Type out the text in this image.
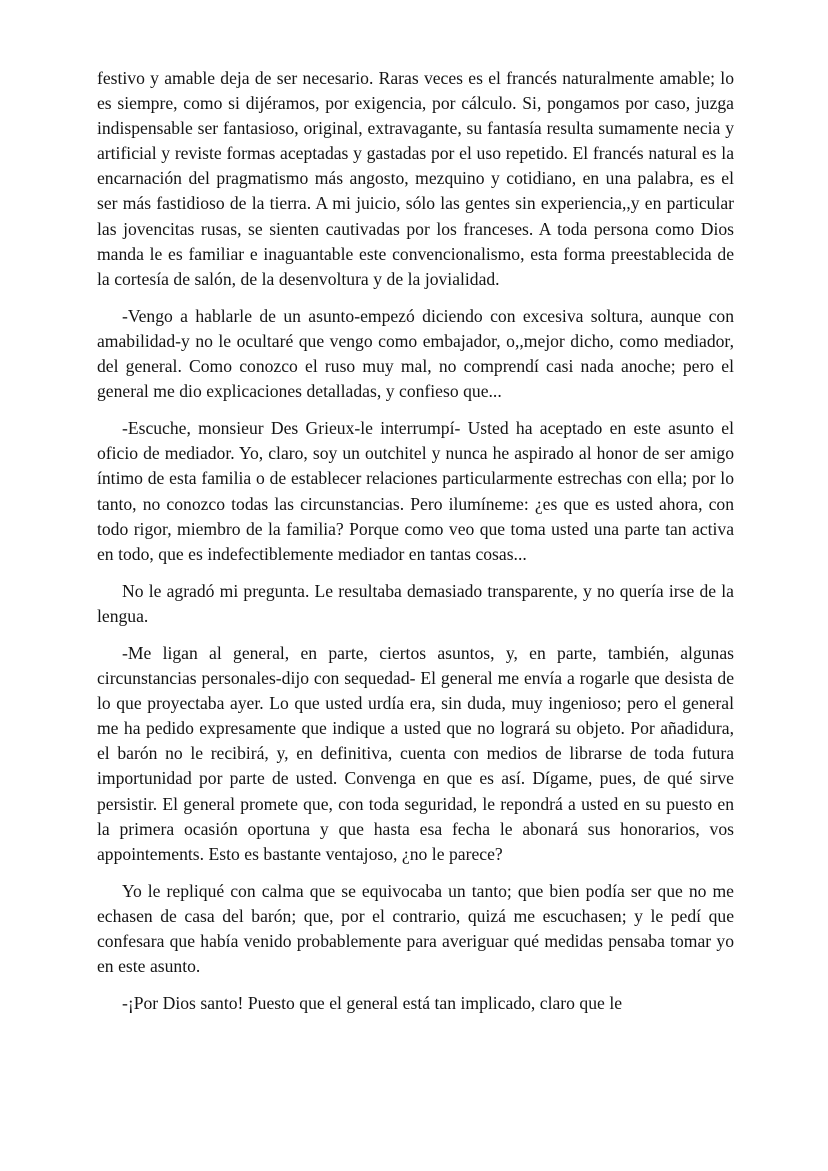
festivo y amable deja de ser necesario. Raras veces es el francés naturalmente amable; lo es siempre, como si dijéramos, por exigencia, por cálculo. Si, pongamos por caso, juzga indispensable ser fantasioso, original, extravagante, su fantasía resulta sumamente necia y artificial y reviste formas aceptadas y gastadas por el uso repetido. El francés natural es la encarnación del pragmatismo más angosto, mezquino y cotidiano, en una palabra, es el ser más fastidioso de la tierra. A mi juicio, sólo las gentes sin experiencia,,y en particular las jovencitas rusas, se sienten cautivadas por los franceses. A toda persona como Dios manda le es familiar e inaguantable este convencionalismo, esta forma preestablecida de la cortesía de salón, de la desenvoltura y de la jovialidad.

-Vengo a hablarle de un asunto-empezó diciendo con excesiva soltura, aunque con amabilidad-y no le ocultaré que vengo como embajador, o,,mejor dicho, como mediador, del general. Como conozco el ruso muy mal, no comprendí casi nada anoche; pero el general me dio explicaciones detalladas, y confieso que...

-Escuche, monsieur Des Grieux-le interrumpí- Usted ha aceptado en este asunto el oficio de mediador. Yo, claro, soy un outchitel y nunca he aspirado al honor de ser amigo íntimo de esta familia o de establecer relaciones particularmente estrechas con ella; por lo tanto, no conozco todas las circunstancias. Pero ilumíneme: ¿es que es usted ahora, con todo rigor, miembro de la familia? Porque como veo que toma usted una parte tan activa en todo, que es indefectiblemente mediador en tantas cosas...

No le agradó mi pregunta. Le resultaba demasiado transparente, y no quería irse de la lengua.

-Me ligan al general, en parte, ciertos asuntos, y, en parte, también, algunas circunstancias personales-dijo con sequedad- El general me envía a rogarle que desista de lo que proyectaba ayer. Lo que usted urdía era, sin duda, muy ingenioso; pero el general me ha pedido expresamente que indique a usted que no logrará su objeto. Por añadidura, el barón no le recibirá, y, en definitiva, cuenta con medios de librarse de toda futura importunidad por parte de usted. Convenga en que es así. Dígame, pues, de qué sirve persistir. El general promete que, con toda seguridad, le repondrá a usted en su puesto en la primera ocasión oportuna y que hasta esa fecha le abonará sus honorarios, vos appointements. Esto es bastante ventajoso, ¿no le parece?

Yo le repliqué con calma que se equivocaba un tanto; que bien podía ser que no me echasen de casa del barón; que, por el contrario, quizá me escuchasen; y le pedí que confesara que había venido probablemente para averiguar qué medidas pensaba tomar yo en este asunto.

-¡Por Dios santo! Puesto que el general está tan implicado, claro que le
